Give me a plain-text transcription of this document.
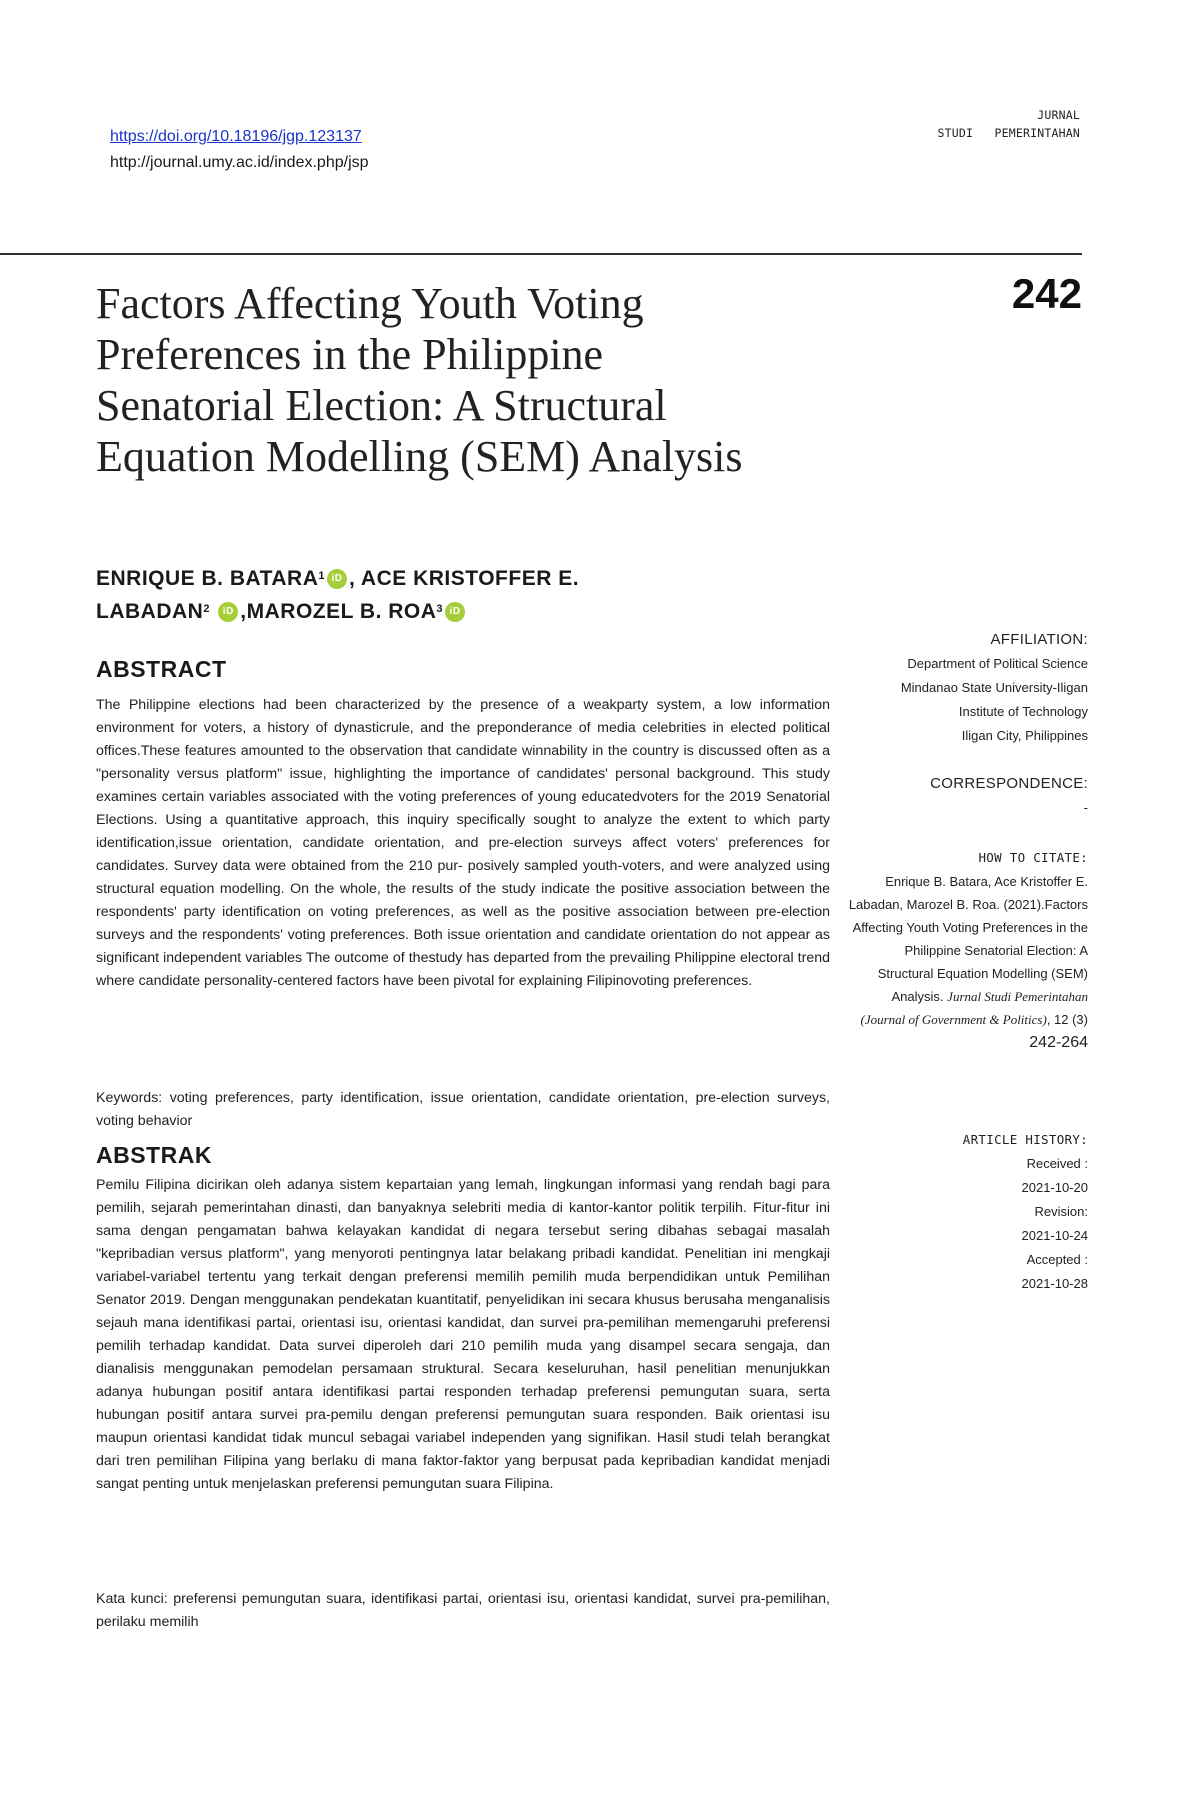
https://doi.org/10.18196/jgp.123137
http://journal.umy.ac.id/index.php/jsp
JURNAL
STUDI   PEMERINTAHAN
242
Factors Affecting Youth Voting Preferences in the Philippine Senatorial Election: A Structural Equation Modelling (SEM) Analysis
ENRIQUE B. BATARA$^1$ iD , ACE KRISTOFFER E.
LABADAN$^2$ iD ,MAROZEL B. ROA$^3$ iD
ABSTRACT

The Philippine elections had been characterized by the presence of a weakparty system, a low information environment for voters, a history of dynasticrule, and the preponderance of media celebrities in elected political offices.These features amounted to the observation that candidate winnability in the country is discussed often as a "personality versus platform" issue, highlighting the importance of candidates' personal background. This study examines certain variables associated with the voting preferences of young educatedvoters for the 2019 Senatorial Elections. Using a quantitative approach, this inquiry specifically sought to analyze the extent to which party identification,issue orientation, candidate orientation, and pre-election surveys affect voters' preferences for candidates. Survey data were obtained from the 210 pur- posively sampled youth-voters, and were analyzed using structural equation modelling. On the whole, the results of the study indicate the positive association between the respondents' party identification on voting preferences, as well as the positive association between pre-election surveys and the respondents' voting preferences. Both issue orientation and candidate orientation do not appear as significant independent variables The outcome of thestudy has departed from the prevailing Philippine electoral trend where candidate personality-centered factors have been pivotal for explaining Filipinovoting preferences.

Keywords: voting preferences, party identification, issue orientation, candidate orientation, pre-election surveys, voting behavior

ABSTRAK

Pemilu Filipina dicirikan oleh adanya sistem kepartaian yang lemah, lingkungan informasi yang rendah bagi para pemilih, sejarah pemerintahan dinasti, dan banyaknya selebriti media di kantor-kantor politik terpilih. Fitur-fitur ini sama dengan pengamatan bahwa kelayakan kandidat di negara tersebut sering dibahas sebagai masalah "kepribadian versus platform", yang menyoroti pentingnya latar belakang pribadi kandidat. Penelitian ini mengkaji variabel-variabel tertentu yang terkait dengan preferensi memilih pemilih muda berpendidikan untuk Pemilihan Senator 2019. Dengan menggunakan pendekatan kuantitatif, penyelidikan ini secara khusus berusaha menganalisis sejauh mana identifikasi partai, orientasi isu, orientasi kandidat, dan survei pra-pemilihan memengaruhi preferensi pemilih terhadap kandidat. Data survei diperoleh dari 210 pemilih muda yang disampel secara sengaja, dan dianalisis menggunakan pemodelan persamaan struktural. Secara keseluruhan, hasil penelitian menunjukkan adanya hubungan positif antara identifikasi partai responden terhadap preferensi pemungutan suara, serta hubungan positif antara survei pra-pemilu dengan preferensi pemungutan suara responden. Baik orientasi isu maupun orientasi kandidat tidak muncul sebagai variabel independen yang signifikan. Hasil studi telah berangkat dari tren pemilihan Filipina yang berlaku di mana faktor-faktor yang berpusat pada kepribadian kandidat menjadi sangat penting untuk menjelaskan preferensi pemungutan suara Filipina.

Kata kunci: preferensi pemungutan suara, identifikasi partai, orientasi isu, orientasi kandidat, survei pra-pemilihan, perilaku memilih

AFFILIATION:
Department of Political Science
Mindanao State University-Iligan
Institute of Technology
Iligan City, Philippines
CORRESPONDENCE:
-
HOW TO CITATE:
Enrique B. Batara, Ace Kristoffer E. Labadan, Marozel B. Roa. (2021).Factors Affecting Youth Voting Preferences in the Philippine Senatorial Election: A Structural Equation Modelling (SEM) Analysis. Jurnal Studi Pemerintahan (Journal of Government & Politics), 12 (3)
242-264
ARTICLE HISTORY:
Received :
2021-10-20
Revision:
2021-10-24
Accepted :
2021-10-28
